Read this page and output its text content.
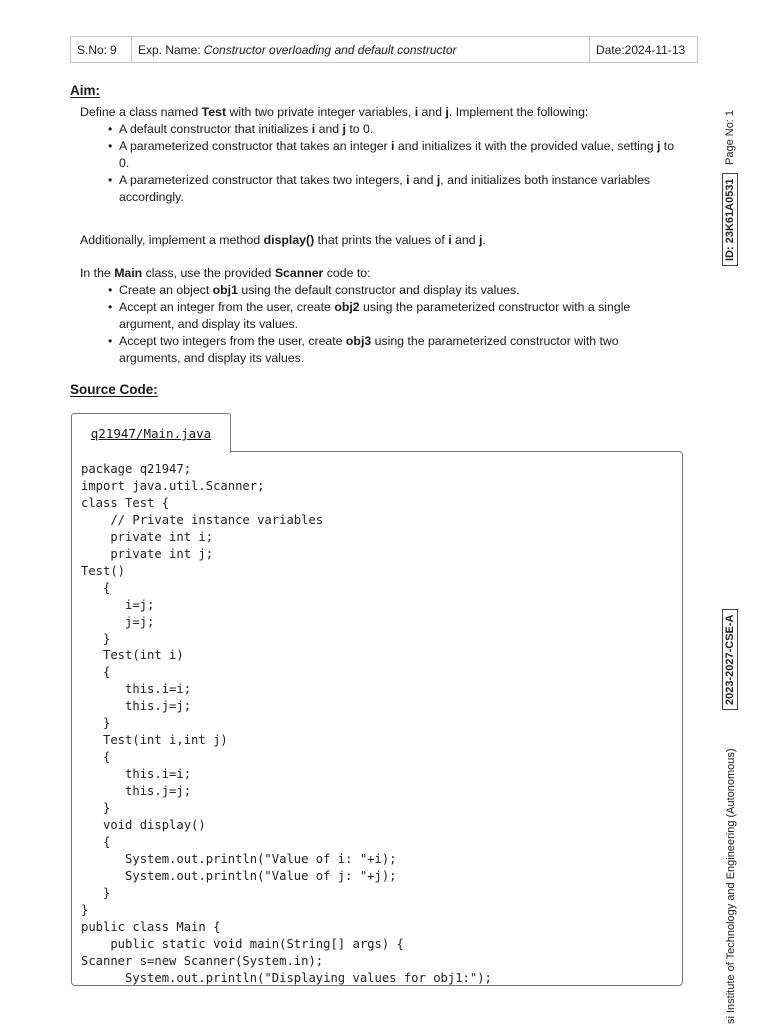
S.No: 9 Exp. Name: Constructor overloading and default constructor	Date:2024-11-13
Aim:
Define a class named Test with two private integer variables, i and j. Implement the following:
• A default constructor that initializes i and j to 0.
• A parameterized constructor that takes an integer i and initializes it with the provided value, setting j to 0.
• A parameterized constructor that takes two integers, i and j, and initializes both instance variables accordingly.
Additionally, implement a method display() that prints the values of i and j.
In the Main class, use the provided Scanner code to:
• Create an object obj1 using the default constructor and display its values.
• Accept an integer from the user, create obj2 using the parameterized constructor with a single argument, and display its values.
• Accept two integers from the user, create obj3 using the parameterized constructor with two arguments, and display its values.
Source Code:
q21947/Main.java
package q21947;
import java.util.Scanner;
class Test {
// Private instance variables
private int i;
private int j;
Test()
{
i=j;
j=j;
}
Test(int i)
{
this.i=i;
this.j=j;
}
Test(int i,int j)
{
this.i=i;
this.j=j;
}
void display()
{
System.out.println("Value of i: "+i);
System.out.println("Value of j: "+j);
}
}
public class Main {
public static void main(String[] args) {
Scanner s=new Scanner(System.in);
System.out.println("Displaying values for obj1:");
Page No: 1
ID: 23K61A0531
2023-2027-CSE-A
si Institute of Technology and Engineering (Autonomous)
